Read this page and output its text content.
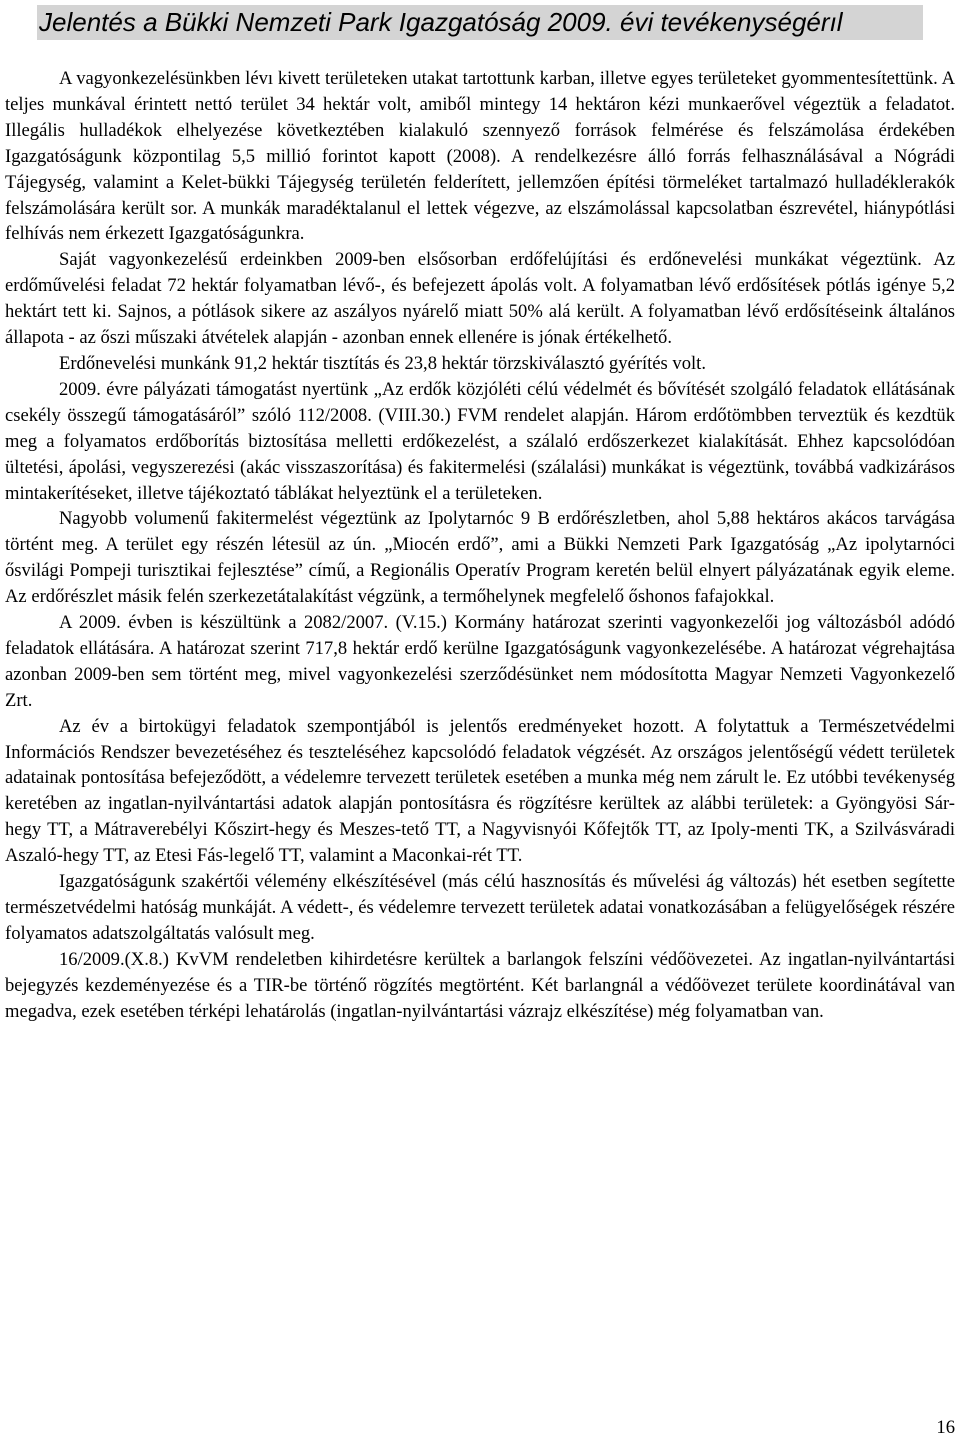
Jelentés a Bükki Nemzeti Park Igazgatóság 2009. évi tevékenységérıl

A vagyonkezelésünkben lévı kivett területeken utakat tartottunk karban, illetve egyes területeket gyommentesítettünk. A teljes munkával érintett nettó terület 34 hektár volt, amiből mintegy 14 hektáron kézi munkaerővel végeztük a feladatot. Illegális hulladékok elhelyezése következtében kialakuló szennyező források felmérése és felszámolása érdekében Igazgatóságunk központilag 5,5 millió forintot kapott (2008). A rendelkezésre álló forrás felhasználásával a Nógrádi Tájegység, valamint a Kelet-bükki Tájegység területén felderített, jellemzően építési törmeléket tartalmazó hulladéklerakók felszámolására került sor. A munkák maradéktalanul el lettek végezve, az elszámolással kapcsolatban észrevétel, hiánypótlási felhívás nem érkezett Igazgatóságunkra.

Saját vagyonkezelésű erdeinkben 2009-ben elsősorban erdőfelújítási és erdőnevelési munkákat végeztünk. Az erdőművelési feladat 72 hektár folyamatban lévő-, és befejezett ápolás volt. A folyamatban lévő erdősítések pótlás igénye 5,2 hektárt tett ki. Sajnos, a pótlások sikere az aszályos nyárelő miatt 50% alá került. A folyamatban lévő erdősítéseink általános állapota - az őszi műszaki átvételek alapján - azonban ennek ellenére is jónak értékelhető.

Erdőnevelési munkánk 91,2 hektár tisztítás és 23,8 hektár törzskiválasztó gyérítés volt.

2009. évre pályázati támogatást nyertünk „Az erdők közjóléti célú védelmét és bővítését szolgáló feladatok ellátásának csekély összegű támogatásáról” szóló 112/2008. (VIII.30.) FVM rendelet alapján. Három erdőtömbben terveztük és kezdtük meg a folyamatos erdőborítás biztosítása melletti erdőkezelést, a szálaló erdőszerkezet kialakítását. Ehhez kapcsolódóan ültetési, ápolási, vegyszerezési (akác visszaszorítása) és fakitermelési (szálalási) munkákat is végeztünk, továbbá vadkizárásos mintakerítéseket, illetve tájékoztató táblákat helyeztünk el a területeken.

Nagyobb volumenű fakitermelést végeztünk az Ipolytarnóc 9 B erdőrészletben, ahol 5,88 hektáros akácos tarvágása történt meg. A terület egy részén létesül az ún. „Miocén erdő”, ami a Bükki Nemzeti Park Igazgatóság „Az ipolytarnóci ősvilági Pompeji turisztikai fejlesztése” című, a Regionális Operatív Program keretén belül elnyert pályázatának egyik eleme. Az erdőrészlet másik felén szerkezetátalakítást végzünk, a termőhelynek megfelelő őshonos fafajokkal.

A 2009. évben is készültünk a 2082/2007. (V.15.) Kormány határozat szerinti vagyonkezelői jog változásból adódó feladatok ellátására. A határozat szerint 717,8 hektár erdő kerülne Igazgatóságunk vagyonkezelésébe. A határozat végrehajtása azonban 2009-ben sem történt meg, mivel vagyonkezelési szerződésünket nem módosította Magyar Nemzeti Vagyonkezelő Zrt.

Az év a birtokügyi feladatok szempontjából is jelentős eredményeket hozott. A folytattuk a Természetvédelmi Információs Rendszer bevezetéséhez és teszteléséhez kapcsolódó feladatok végzését. Az országos jelentőségű védett területek adatainak pontosítása befejeződött, a védelemre tervezett területek esetében a munka még nem zárult le. Ez utóbbi tevékenység keretében az ingatlan-nyilvántartási adatok alapján pontosításra és rögzítésre kerültek az alábbi területek: a Gyöngyösi Sár-hegy TT, a Mátraverebélyi Kőszirt-hegy és Meszes-tető TT, a Nagyvisnyói Kőfejtők TT, az Ipoly-menti TK, a Szilvásváradi Aszaló-hegy TT, az Etesi Fás-legelő TT, valamint a Maconkai-rét TT.

Igazgatóságunk szakértői vélemény elkészítésével (más célú hasznosítás és művelési ág változás) hét esetben segítette természetvédelmi hatóság munkáját. A védett-, és védelemre tervezett területek adatai vonatkozásában a felügyelőségek részére folyamatos adatszolgáltatás valósult meg.

16/2009.(X.8.) KvVM rendeletben kihirdetésre kerültek a barlangok felszíni védőövezetei. Az ingatlan-nyilvántartási bejegyzés kezdeményezése és a TIR-be történő rögzítés megtörtént. Két barlangnál a védőövezet területe koordinátával van megadva, ezek esetében térképi lehatárolás (ingatlan-nyilvántartási vázrajz elkészítése) még folyamatban van.

16
